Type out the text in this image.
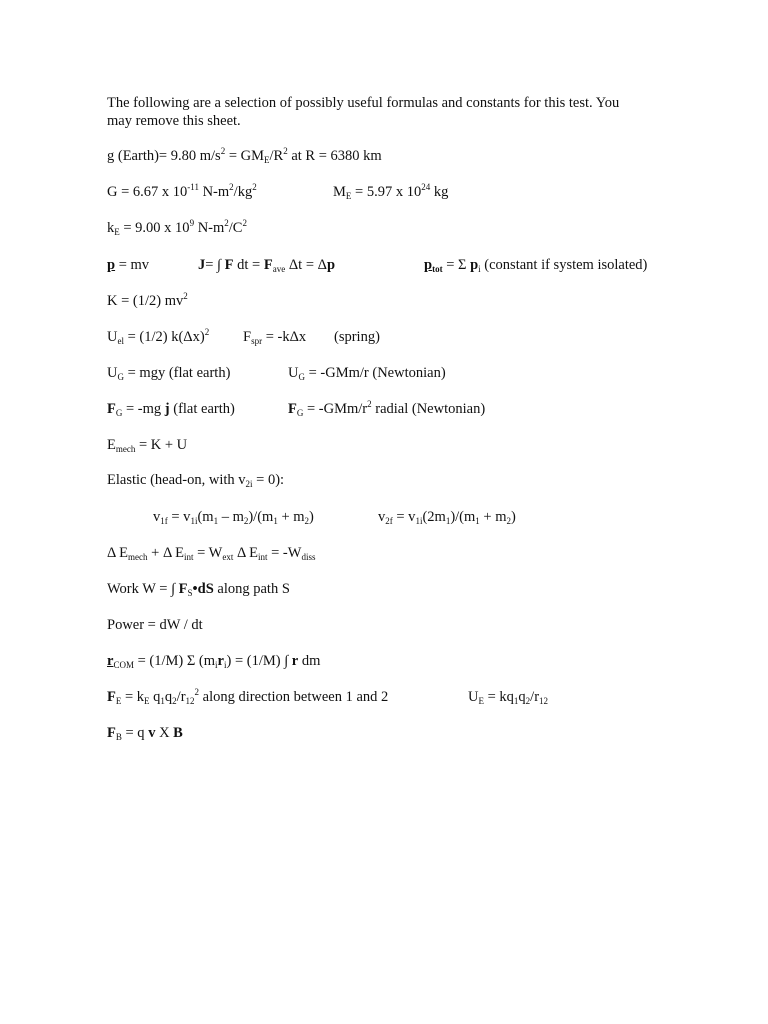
The following are a selection of possibly useful formulas and constants for this test. You
may remove this sheet.
g (Earth)= 9.80 $m/s^2 = GM_E/R^2$ at R = 6380 km
G = 6.67 x $10^{-11}$ $N-m^2/kg^2$	$M_E = 5.97$ x $10^{24}$ kg
$k_E = 9.00$ x $10^9$ $N-m^2/C^2$
p = mv	J= ∫ F dt = $F_{ave}$ Δt = Δp	$p_{tot} = \Sigma$ $p_i$ (constant if system isolated)
K = (1/2) $mv^2$
$U_{el} = (1/2)$ $k(\Delta x)^2$ $F_{spr} = -k\Delta x$ (spring)
$U_G$ = mgy (flat earth)	$U_G = -GMm/r$ (Newtonian)
$F_G = -mg$ j (flat earth)	$F_G = -GMm/r^2$ radial (Newtonian)
$E_{mech} = K + U$
Elastic (head-on, with $v_{2i} = 0$):
$v_{1f} = v_{1i}(m_1 - m_2)/(m_1 + m_2)$	$v_{2f} = v_{1i}(2m_1)/(m_1 + m_2)$
Δ $E_{mech} + \Delta$ $E_{int} = W_{ext}$ Δ $E_{int} = -W_{diss}$
Work W = ∫ $F_S•dS$ along path S
Power = dW / dt
$r_{COM} = (1/M)$ Σ $(m_ir_i) = (1/M)$ ∫ r dm
$F_E = k_E$ $q_1q_2/r_{12}^2$ along direction between 1 and 2	$U_E = kq_1q_2/r_{12}$
$F_B = q$ v X B
